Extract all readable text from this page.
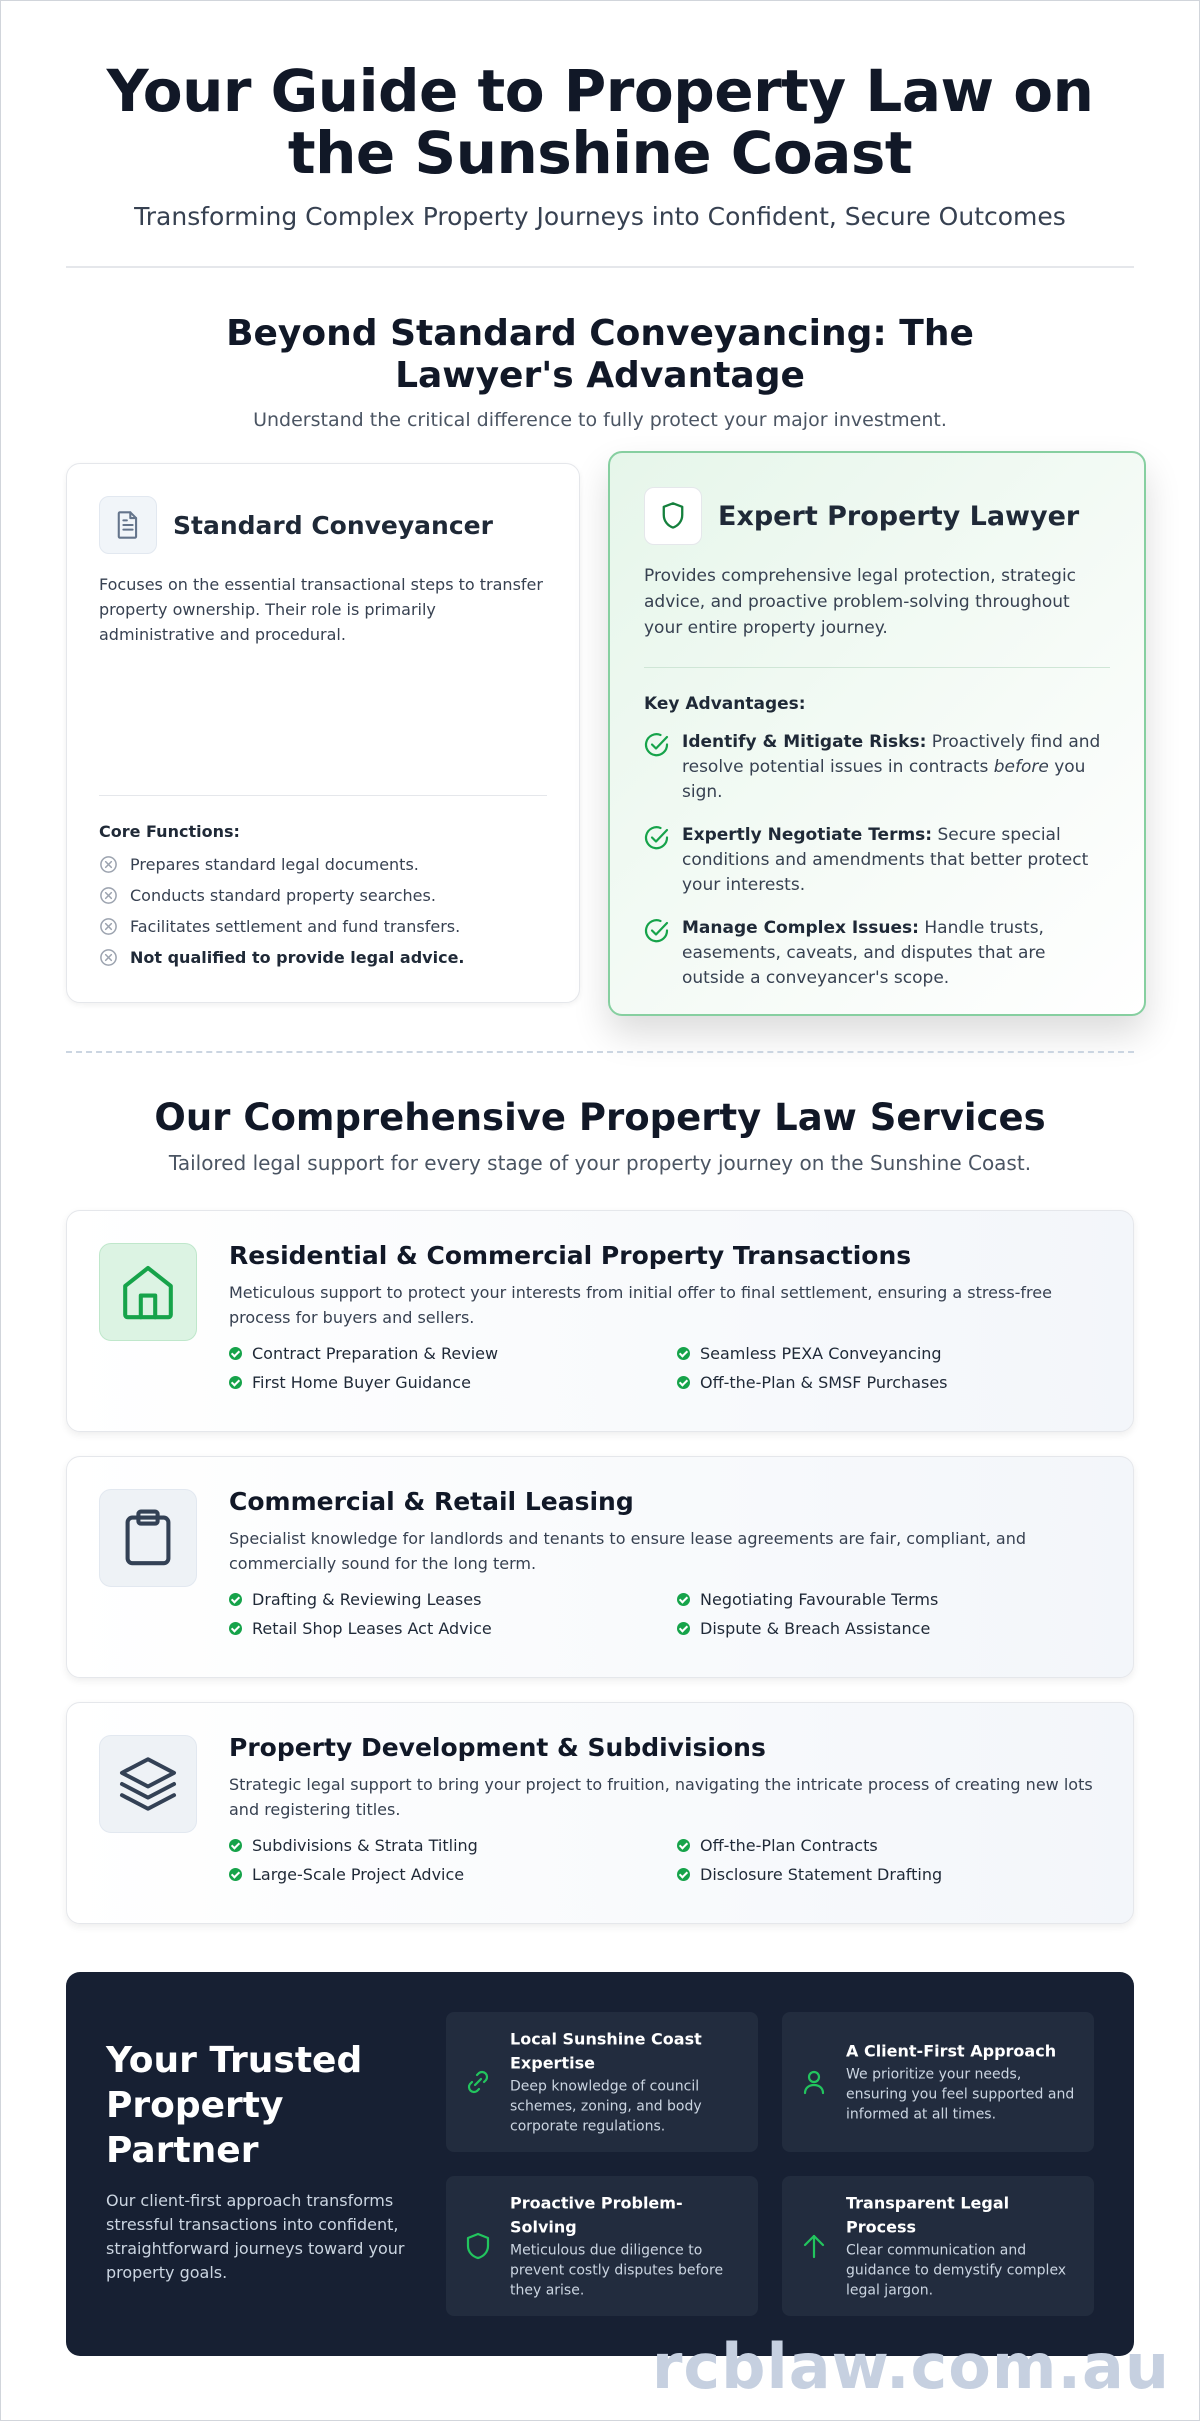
Your Guide to Property Law on the Sunshine Coast

Transforming Complex Property Journeys into Confident, Secure Outcomes

Beyond Standard Conveyancing: The Lawyer's Advantage

Understand the critical difference to fully protect your major investment.

Standard Conveyancer

Focuses on the essential transactional steps to transfer property ownership. Their role is primarily administrative and procedural.

Core Functions:
Prepares standard legal documents.
Conducts standard property searches.
Facilitates settlement and fund transfers.
Not qualified to provide legal advice.
Expert Property Lawyer

Provides comprehensive legal protection, strategic advice, and proactive problem-solving throughout your entire property journey.

Key Advantages:
Identify & Mitigate Risks: Proactively find and resolve potential issues in contracts before you sign.
Expertly Negotiate Terms: Secure special conditions and amendments that better protect your interests.
Manage Complex Issues: Handle trusts, easements, caveats, and disputes that are outside a conveyancer's scope.
Our Comprehensive Property Law Services

Tailored legal support for every stage of your property journey on the Sunshine Coast.

Residential & Commercial Property Transactions

Meticulous support to protect your interests from initial offer to final settlement, ensuring a stress-free process for buyers and sellers.

Contract Preparation & Review	Seamless PEXA Conveyancing
First Home Buyer Guidance	Off-the-Plan & SMSF Purchases
Commercial & Retail Leasing

Specialist knowledge for landlords and tenants to ensure lease agreements are fair, compliant, and commercially sound for the long term.

Drafting & Reviewing Leases	Negotiating Favourable Terms
Retail Shop Leases Act Advice	Dispute & Breach Assistance
Property Development & Subdivisions

Strategic legal support to bring your project to fruition, navigating the intricate process of creating new lots and registering titles.

Subdivisions & Strata Titling	Off-the-Plan Contracts
Large-Scale Project Advice	Disclosure Statement Drafting
Your Trusted Property Partner

Our client-first approach transforms stressful transactions into confident, straightforward journeys toward your property goals.

Local Sunshine Coast Expertise
Deep knowledge of council schemes, zoning, and body corporate regulations.
A Client-First Approach
We prioritize your needs, ensuring you feel supported and informed at all times.
Proactive Problem-Solving
Meticulous due diligence to prevent costly disputes before they arise.
Transparent Legal Process
Clear communication and guidance to demystify complex legal jargon.
rcblaw.com.au
